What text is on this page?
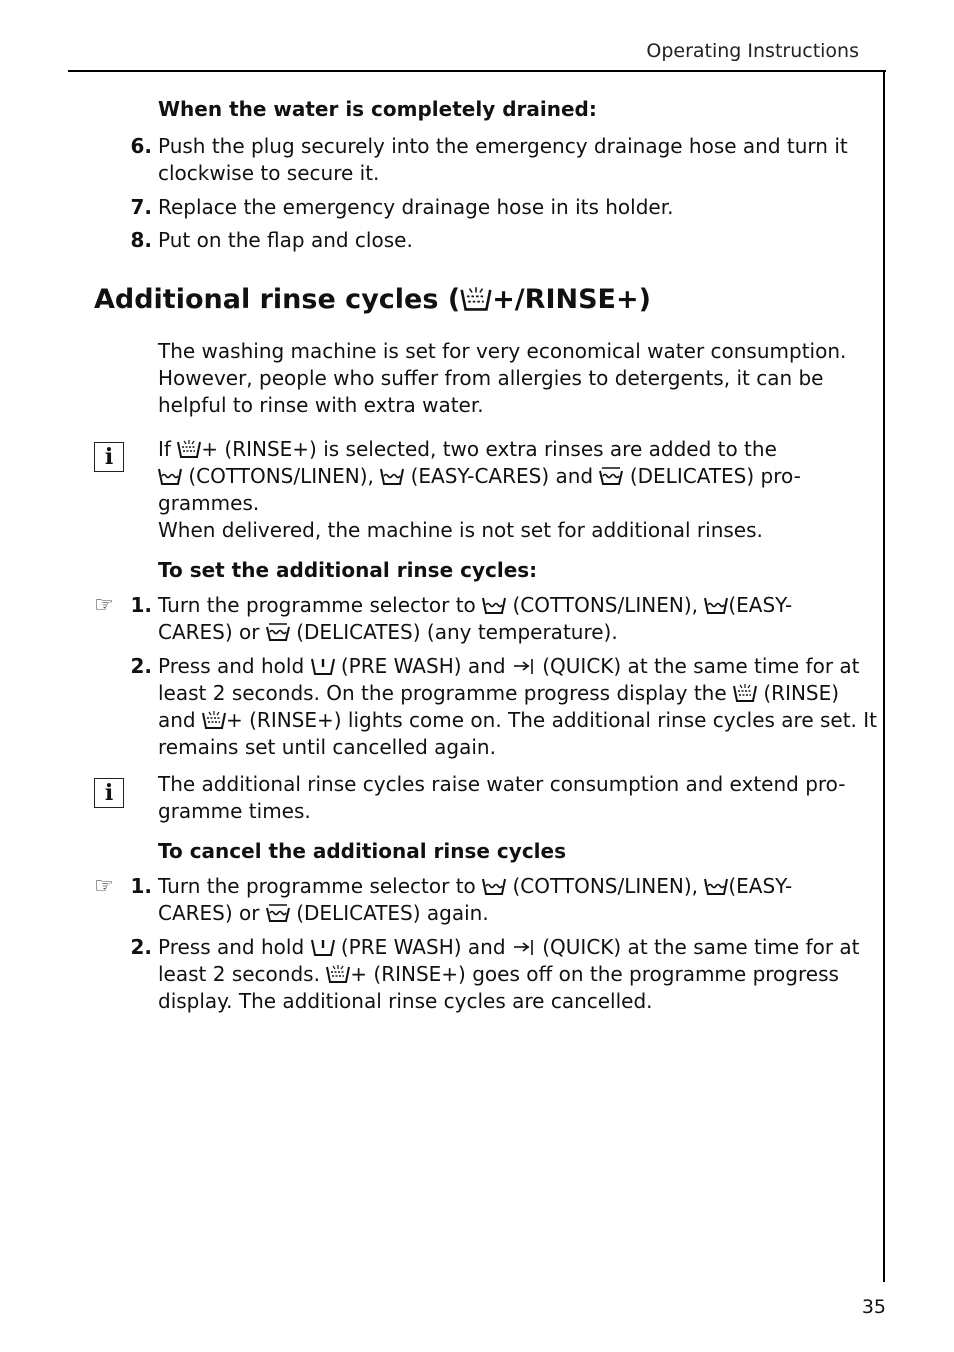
Operating Instructions
When the water is completely drained:
6. Push the plug securely into the emergency drainage hose and turn it
clockwise to secure it.
7. Replace the emergency drainage hose in its holder.
8. Put on the flap and close.
Additional rinse cycles ( +/RINSE+)
The washing machine is set for very economical water consumption.
However, people who suffer from allergies to detergents, it can be
helpful to rinse with extra water.
i	If + (RINSE+) is selected, two extra rinses are added to the
(COTTONS/LINEN), (EASY-CARES) and (DELICATES) pro-
grammes.
When delivered, the machine is not set for additional rinses.
To set the additional rinse cycles:
☞ 1. Turn the programme selector to (COTTONS/LINEN), (EASY-
CARES) or (DELICATES) (any temperature).
2. Press and hold (PRE WASH) and (QUICK) at the same time for at
least 2 seconds. On the programme progress display the (RINSE)
and + (RINSE+) lights come on. The additional rinse cycles are set. It
remains set until cancelled again.
i	The additional rinse cycles raise water consumption and extend pro-
gramme times.
To cancel the additional rinse cycles
☞ 1. Turn the programme selector to (COTTONS/LINEN), (EASY-
CARES) or (DELICATES) again.
2. Press and hold (PRE WASH) and (QUICK) at the same time for at
least 2 seconds. + (RINSE+) goes off on the programme progress
display. The additional rinse cycles are cancelled.
35
